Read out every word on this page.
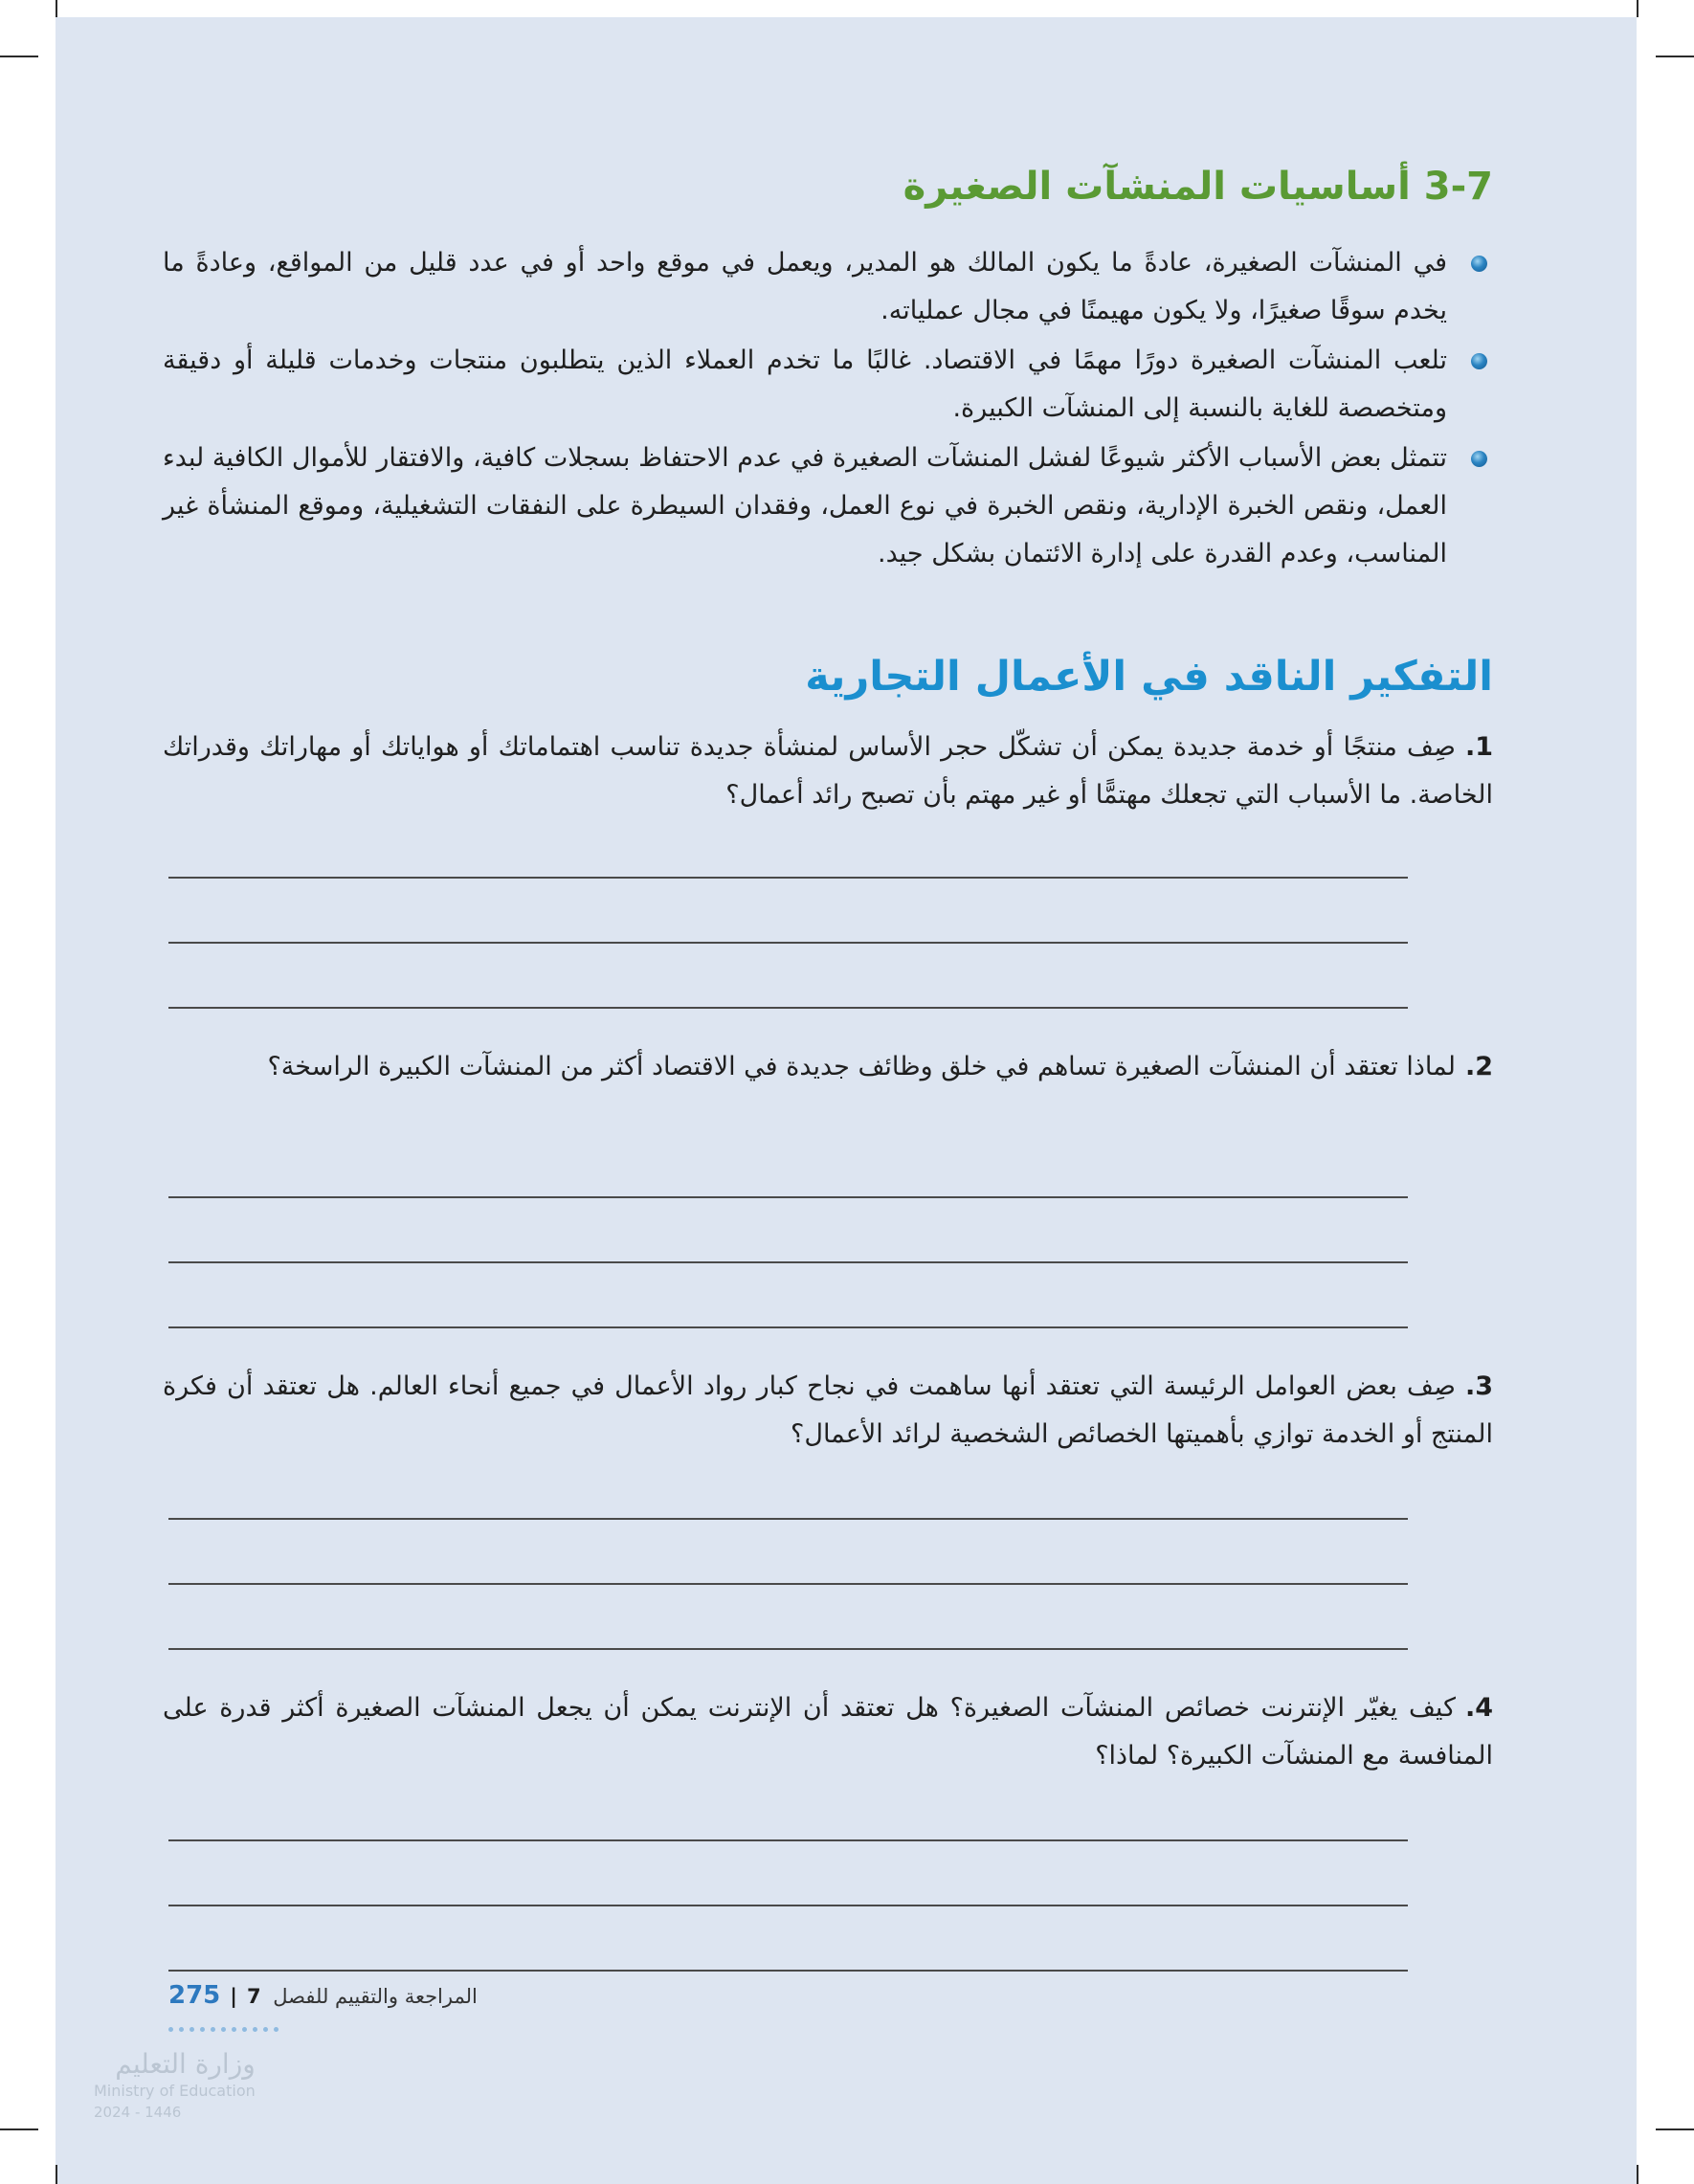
3-7 أساسيات المنشآت الصغيرة
في المنشآت الصغيرة، عادةً ما يكون المالك هو المدير، ويعمل في موقع واحد أو في عدد قليل من المواقع، وعادةً ما يخدم سوقًا صغيرًا، ولا يكون مهيمنًا في مجال عملياته.
تلعب المنشآت الصغيرة دورًا مهمًا في الاقتصاد. غالبًا ما تخدم العملاء الذين يتطلبون منتجات وخدمات قليلة أو دقيقة ومتخصصة للغاية بالنسبة إلى المنشآت الكبيرة.
تتمثل بعض الأسباب الأكثر شيوعًا لفشل المنشآت الصغيرة في عدم الاحتفاظ بسجلات كافية، والافتقار للأموال الكافية لبدء العمل، ونقص الخبرة الإدارية، ونقص الخبرة في نوع العمل، وفقدان السيطرة على النفقات التشغيلية، وموقع المنشأة غير المناسب، وعدم القدرة على إدارة الائتمان بشكل جيد.
التفكير الناقد في الأعمال التجارية
1.صِف منتجًا أو خدمة جديدة يمكن أن تشكّل حجر الأساس لمنشأة جديدة تناسب اهتماماتك أو هواياتك أو مهاراتك وقدراتك الخاصة. ما الأسباب التي تجعلك مهتمًّا أو غير مهتم بأن تصبح رائد أعمال؟
2.لماذا تعتقد أن المنشآت الصغيرة تساهم في خلق وظائف جديدة في الاقتصاد أكثر من المنشآت الكبيرة الراسخة؟
3.صِف بعض العوامل الرئيسة التي تعتقد أنها ساهمت في نجاح كبار رواد الأعمال في جميع أنحاء العالم. هل تعتقد أن فكرة المنتج أو الخدمة توازي بأهميتها الخصائص الشخصية لرائد الأعمال؟
4.كيف يغيّر الإنترنت خصائص المنشآت الصغيرة؟ هل تعتقد أن الإنترنت يمكن أن يجعل المنشآت الصغيرة أكثر قدرة على المنافسة مع المنشآت الكبيرة؟ لماذا؟
275 | 7 المراجعة والتقييم للفصل
وزارة التعليم
Ministry of Education
2024 - 1446
